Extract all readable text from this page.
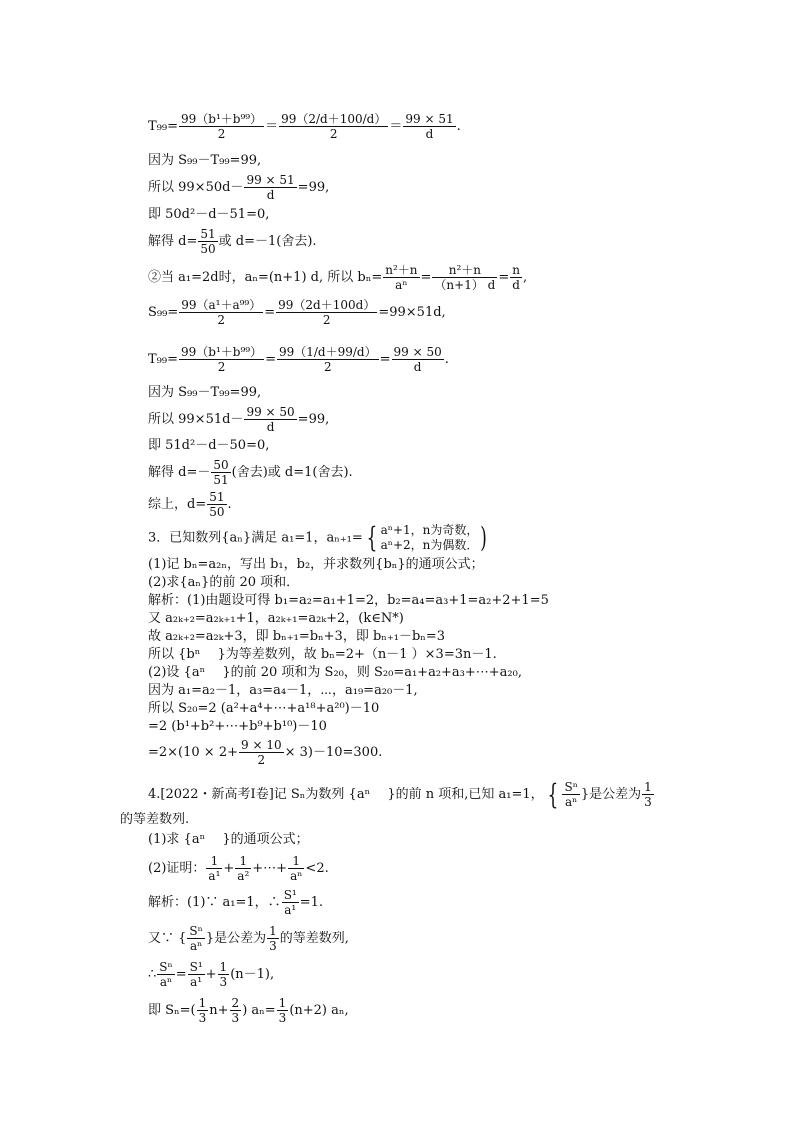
$T_{99}= \frac{\text{99（b¹＋b⁹⁹）}}{2} = \frac{99(2/d+100/d)}{2} = \frac{99 \times 51}{d}$ .
因为 S₉₉－T₉₉=99,
所以 $99\times 50d- \frac{99 \times 51}{d} =99$,
即 50d²－d－51=0,
解得 $d= \frac{51}{50}$ 或 d=－1(舍去).
②当 a₁=2d时，aₙ=(n+1) d, 所以 $b_n= \frac{\text{n²＋n}}{\text{aⁿ}} = \frac{\text{n²＋n}}{(n+1) d} = \frac{n}{d}$ ,
$S_{99}= \frac{\text{99（a¹＋a⁹⁹）}}{2} = \frac{99(2d+100d)}{2} =99\times 51d$,
$T_{99}= \frac{\text{99（b¹＋b⁹⁹）}}{2} = \frac{99(1/d+99/d)}{2} = \frac{99 \times 50}{d}$ .
因为 S₉₉－T₉₉=99,
所以 $99\times 51d- \frac{99 \times 50}{d} =99$,
即 51d²－d－50=0,
解得 $d=- \frac{50}{51}$ (舍去)或 d=1(舍去).
综上，$d= \frac{51}{50}$ .
3．已知数列{aₙ}满足 a₁=1，aₙ₊₁= { aⁿ+1，n为奇数，
aⁿ+2，n为偶数． )
(1)记 bₙ=a₂ₙ，写出 b₁，b₂，并求数列{bₙ}的通项公式；
(2)求{aₙ}的前 20 项和．
解析：(1)由题设可得 b₁=a₂=a₁+1=2，b₂=a₄=a₃+1=a₂+2+1=5
又 a₂ₖ₊₂=a₂ₖ₊₁+1，a₂ₖ₊₁=a₂ₖ+2，(k∈N*)
故 a₂ₖ₊₂=a₂ₖ+3，即 bₙ₊₁=bₙ+3，即 bₙ₊₁－bₙ=3
所以 {bⁿ　 }为等差数列，故 bₙ=2+（n－1 ）×3=3n－1.
(2)设 {aⁿ　 }的前 20 项和为 S₂₀，则 S₂₀=a₁+a₂+a₃+⋯+a₂₀,
因为 a₁=a₂－1，a₃=a₄－1，⋯，a₁₉=a₂₀－1,
所以 S₂₀=2 (a²+a⁴+⋯+a¹⁸+a²⁰)－10
=2 (b¹+b²+⋯+b⁹+b¹⁰)－10
$=2\times(10 \times 2+ \frac{9 \times 10}{2} \times 3)-10=300$.
4.[2022・新高考Ⅰ卷]记 Sₙ为数列 {aⁿ　 }的前 n 项和,已知 a₁=1， { $\frac{\text{Sⁿ}}{\text{aⁿ}}$ }是公差为 $\frac{1}{3}$
的等差数列.
(1)求 {aⁿ　 }的通项公式；
(2)证明： $\frac{1}{\text{a¹}} + \frac{1}{\text{a²}}$ +⋯+ $\frac{1}{\text{aⁿ}} <2$.
解析：(1)∵ a₁=1，∴ $\frac{\text{S¹}}{\text{a¹}} =1$.
又∵ { $\frac{\text{Sⁿ}}{\text{aⁿ}}$ }是公差为 $\frac{1}{3}$ 的等差数列,
∴ $\frac{\text{Sⁿ}}{\text{aⁿ}} = \frac{\text{S¹}}{\text{a¹}} + \frac{1}{3} (n-1)$,
即 $S_n=( \frac{1}{3} n+ \frac{2}{3}$ ) $a_n= \frac{1}{3} (n+2)$ aₙ,
